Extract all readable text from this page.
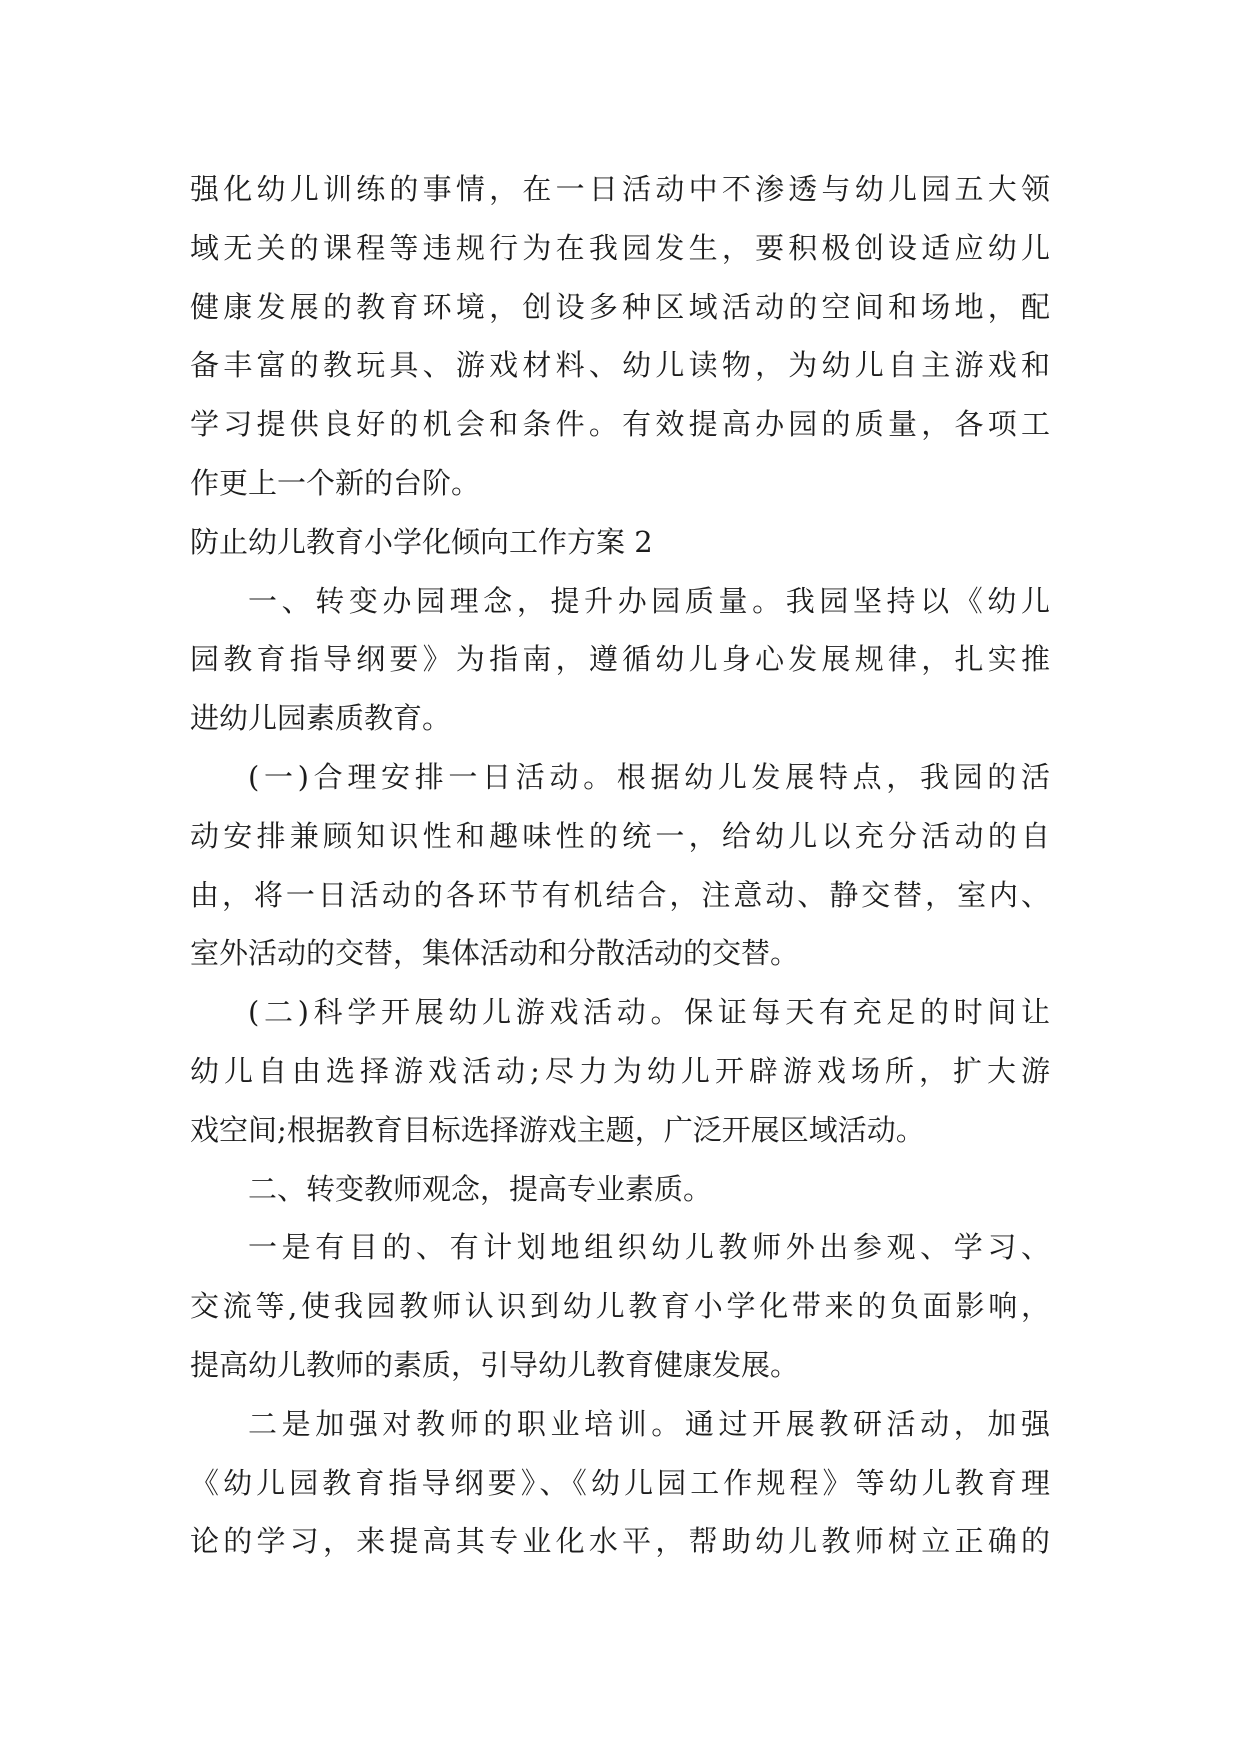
强化幼儿训练的事情，在一日活动中不渗透与幼儿园五大领
域无关的课程等违规行为在我园发生，要积极创设适应幼儿
健康发展的教育环境，创设多种区域活动的空间和场地，配
备丰富的教玩具、游戏材料、幼儿读物，为幼儿自主游戏和
学习提供良好的机会和条件。有效提高办园的质量，各项工
作更上一个新的台阶。
防止幼儿教育小学化倾向工作方案 2
一、转变办园理念，提升办园质量。我园坚持以《幼儿
园教育指导纲要》为指南，遵循幼儿身心发展规律，扎实推
进幼儿园素质教育。
(一)合理安排一日活动。根据幼儿发展特点，我园的活
动安排兼顾知识性和趣味性的统一，给幼儿以充分活动的自
由，将一日活动的各环节有机结合，注意动、静交替，室内、
室外活动的交替，集体活动和分散活动的交替。
(二)科学开展幼儿游戏活动。保证每天有充足的时间让
幼儿自由选择游戏活动;尽力为幼儿开辟游戏场所，扩大游
戏空间;根据教育目标选择游戏主题，广泛开展区域活动。
二、转变教师观念，提高专业素质。
一是有目的、有计划地组织幼儿教师外出参观、学习、
交流等,使我园教师认识到幼儿教育小学化带来的负面影响，
提高幼儿教师的素质，引导幼儿教育健康发展。
二是加强对教师的职业培训。通过开展教研活动，加强
《幼儿园教育指导纲要》、《幼儿园工作规程》等幼儿教育理
论的学习，来提高其专业化水平，帮助幼儿教师树立正确的
